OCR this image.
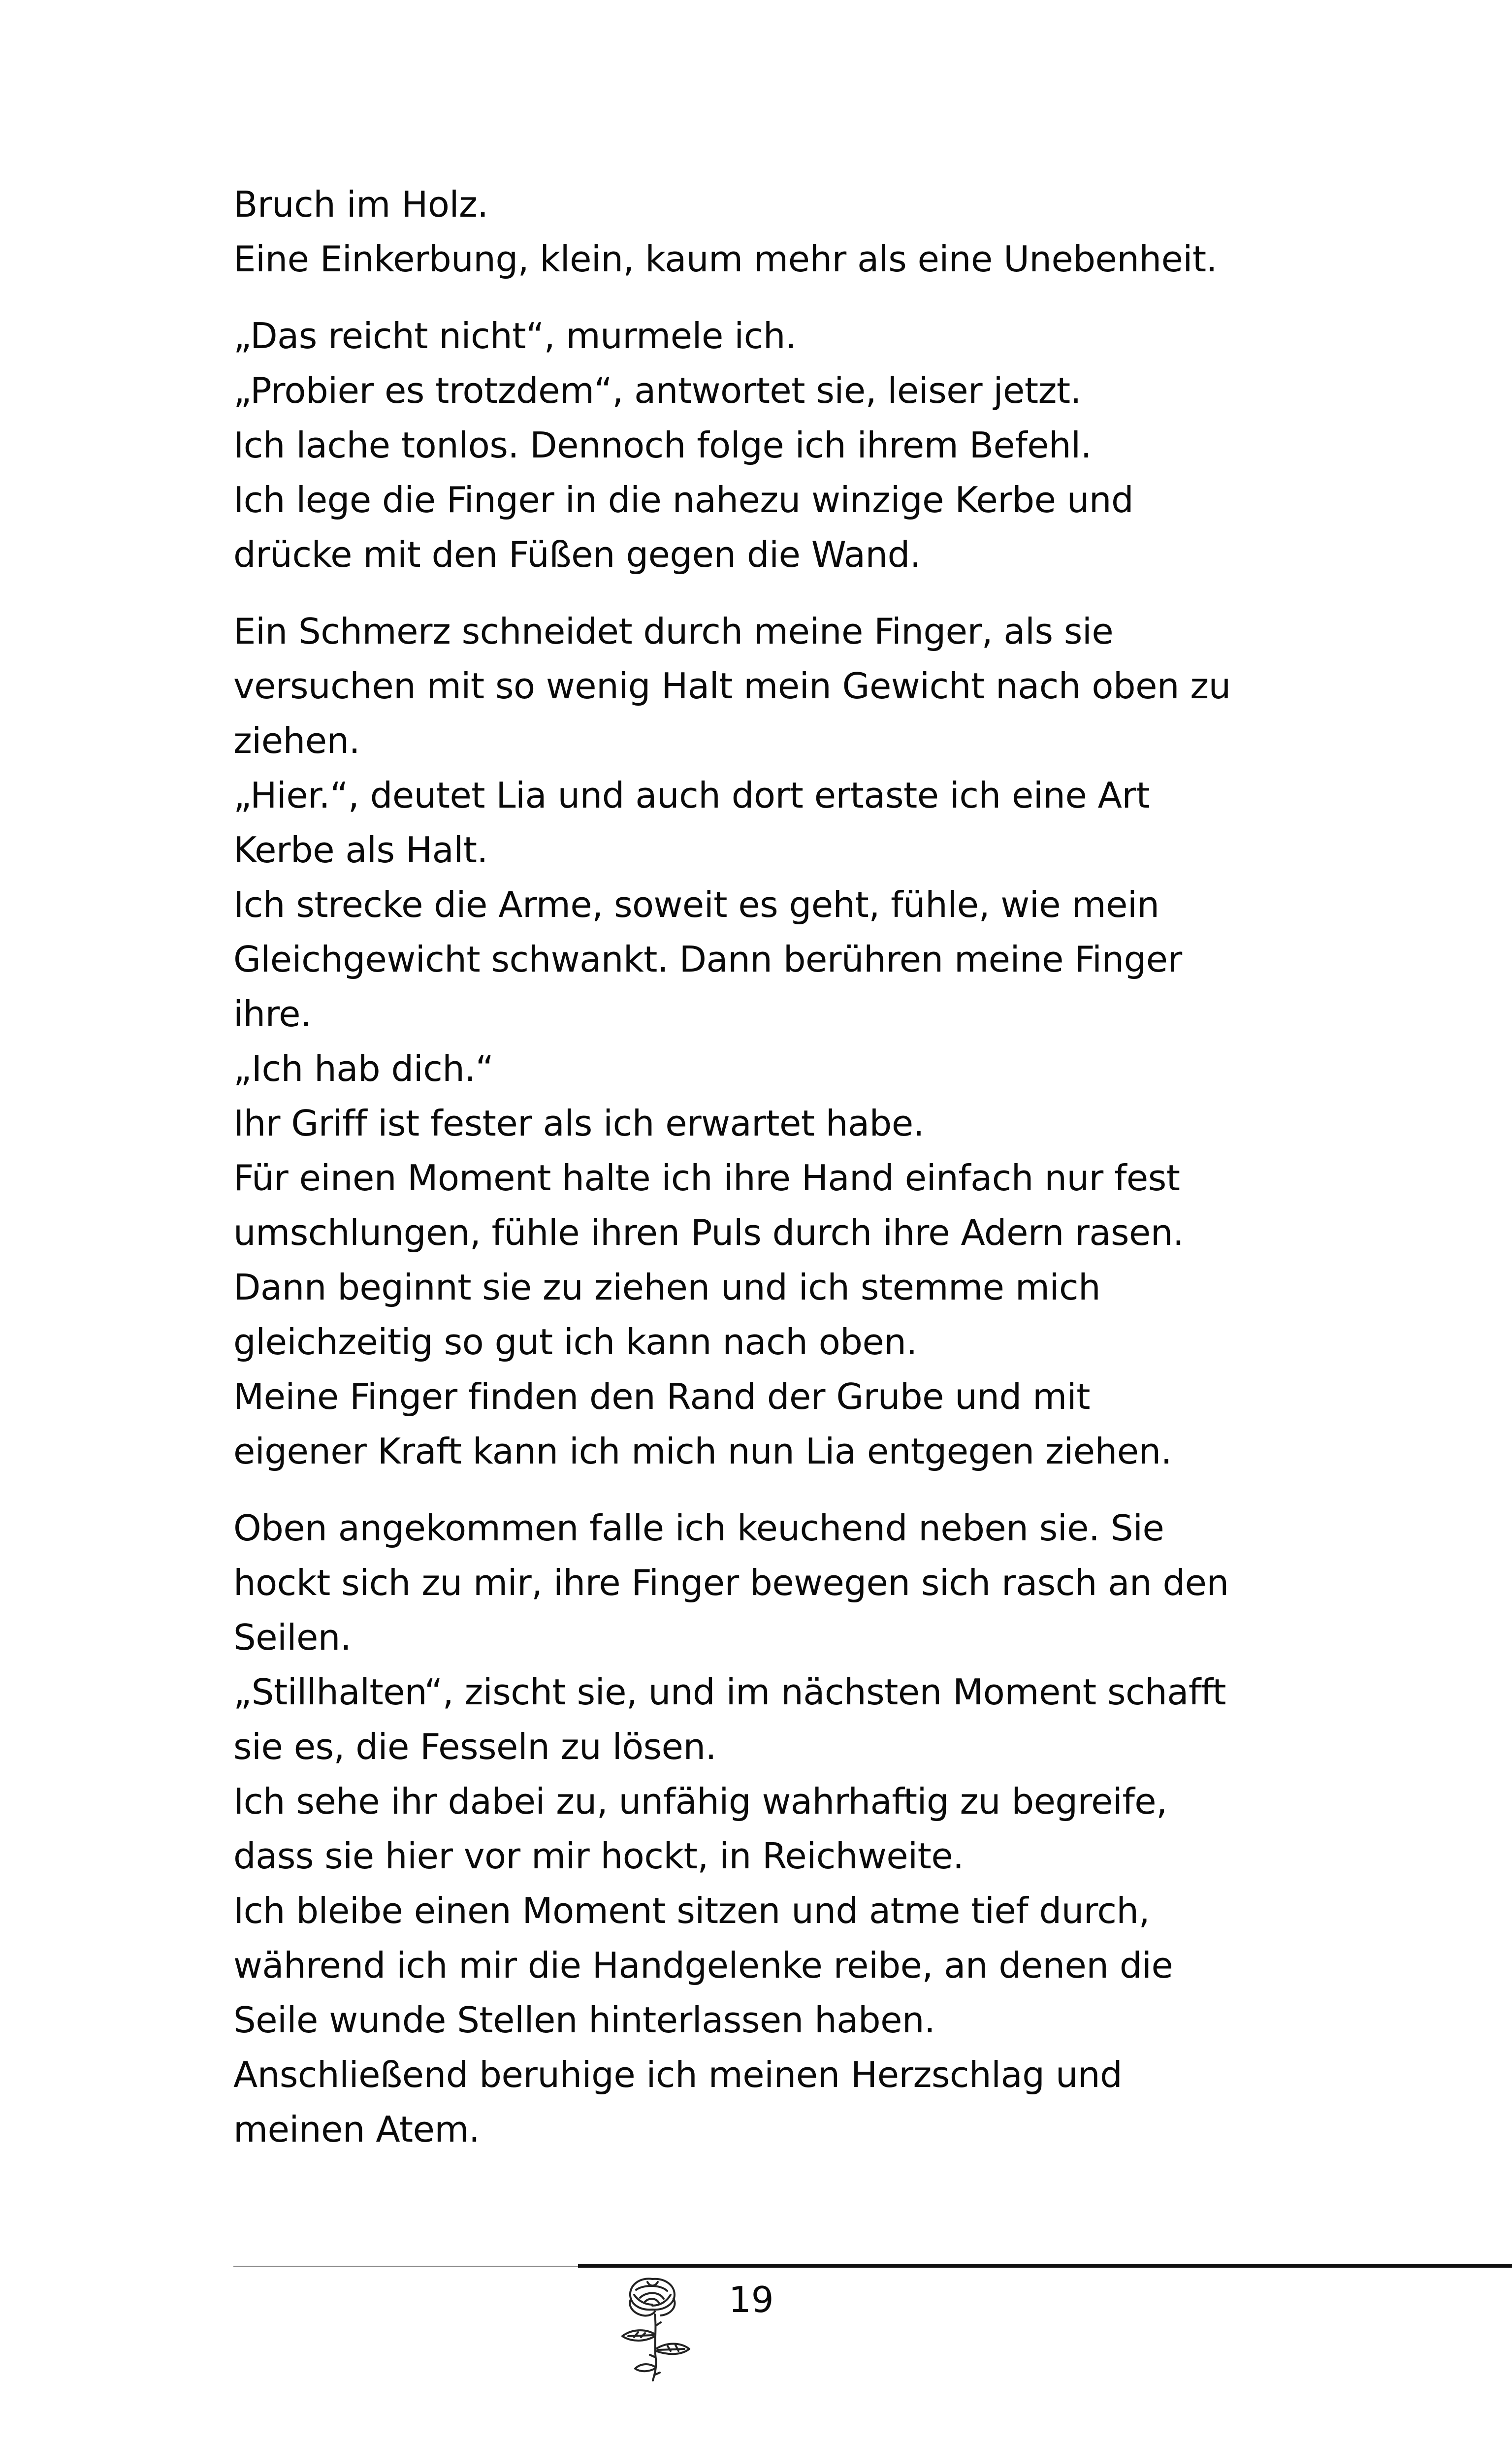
Bruch im Holz.
Eine Einkerbung, klein, kaum mehr als eine Unebenheit.
„Das reicht nicht“, murmele ich.
„Probier es trotzdem“, antwortet sie, leiser jetzt.
Ich lache tonlos. Dennoch folge ich ihrem Befehl.
Ich lege die Finger in die nahezu winzige Kerbe und
drücke mit den Füßen gegen die Wand.
Ein Schmerz schneidet durch meine Finger, als sie
versuchen mit so wenig Halt mein Gewicht nach oben zu
ziehen.
„Hier.“, deutet Lia und auch dort ertaste ich eine Art
Kerbe als Halt.
Ich strecke die Arme, soweit es geht, fühle, wie mein
Gleichgewicht schwankt. Dann berühren meine Finger
ihre.
„Ich hab dich.“
Ihr Griff ist fester als ich erwartet habe.
Für einen Moment halte ich ihre Hand einfach nur fest
umschlungen, fühle ihren Puls durch ihre Adern rasen.
Dann beginnt sie zu ziehen und ich stemme mich
gleichzeitig so gut ich kann nach oben.
Meine Finger finden den Rand der Grube und mit
eigener Kraft kann ich mich nun Lia entgegen ziehen.
Oben angekommen falle ich keuchend neben sie. Sie
hockt sich zu mir, ihre Finger bewegen sich rasch an den
Seilen.
„Stillhalten“, zischt sie, und im nächsten Moment schafft
sie es, die Fesseln zu lösen.
Ich sehe ihr dabei zu, unfähig wahrhaftig zu begreife,
dass sie hier vor mir hockt, in Reichweite.
Ich bleibe einen Moment sitzen und atme tief durch,
während ich mir die Handgelenke reibe, an denen die
Seile wunde Stellen hinterlassen haben.
Anschließend beruhige ich meinen Herzschlag und
meinen Atem.
19
